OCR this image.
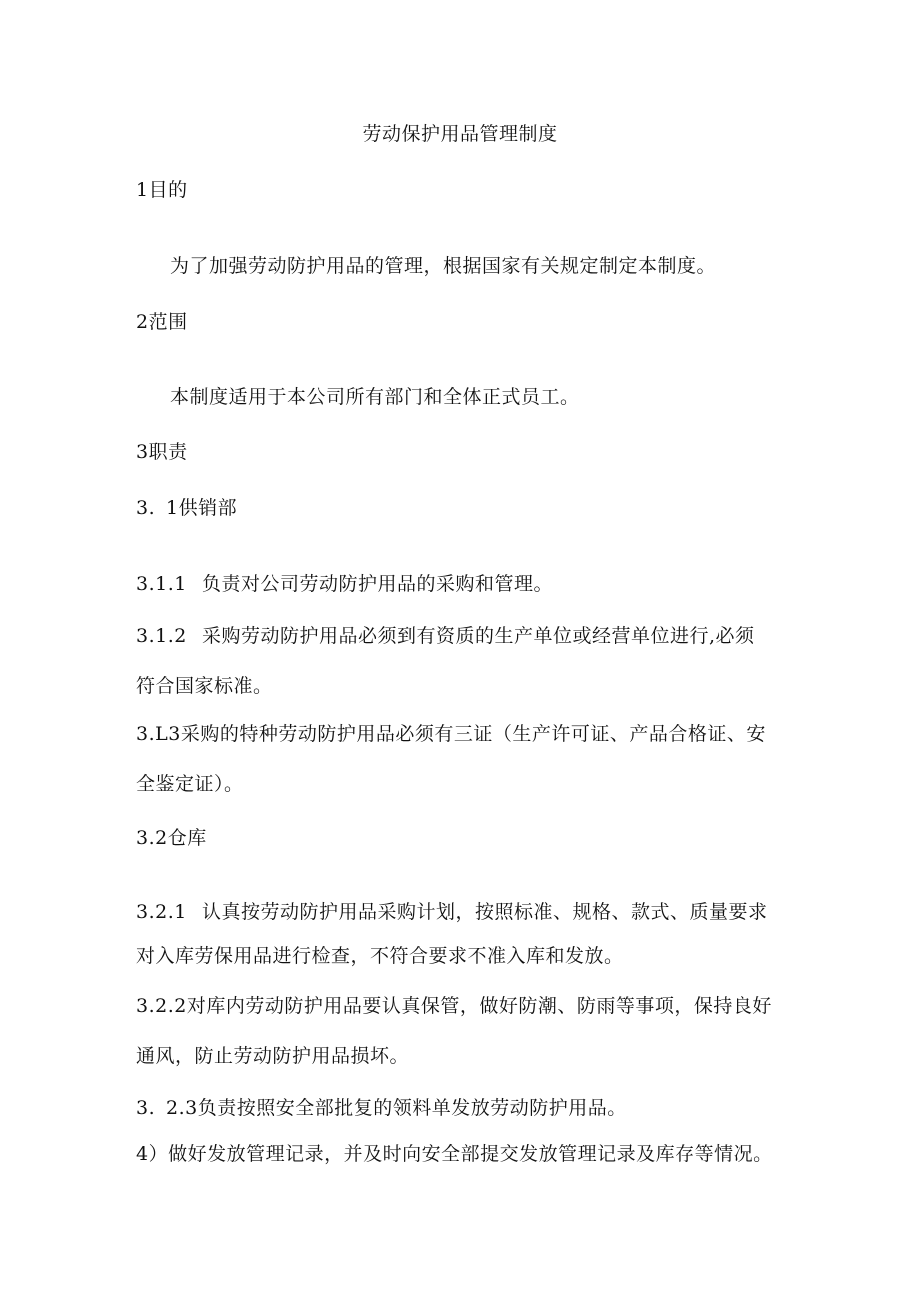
劳动保护用品管理制度
1目的
为了加强劳动防护用品的管理，根据国家有关规定制定本制度。
2范围
本制度适用于本公司所有部门和全体正式员工。
3职责
3. 1供销部
3.1.1 负责对公司劳动防护用品的采购和管理。
3.1.2 采购劳动防护用品必须到有资质的生产单位或经营单位进行,必须
符合国家标准。
3.L3采购的特种劳动防护用品必须有三证（生产许可证、产品合格证、安
全鉴定证）。
3.2仓库
3.2.1 认真按劳动防护用品采购计划，按照标准、规格、款式、质量要求
对入库劳保用品进行检查，不符合要求不准入库和发放。
3.2.2对库内劳动防护用品要认真保管，做好防潮、防雨等事项，保持良好
通风，防止劳动防护用品损坏。
3. 2.3负责按照安全部批复的领料单发放劳动防护用品。
4）做好发放管理记录，并及时向安全部提交发放管理记录及库存等情况。
